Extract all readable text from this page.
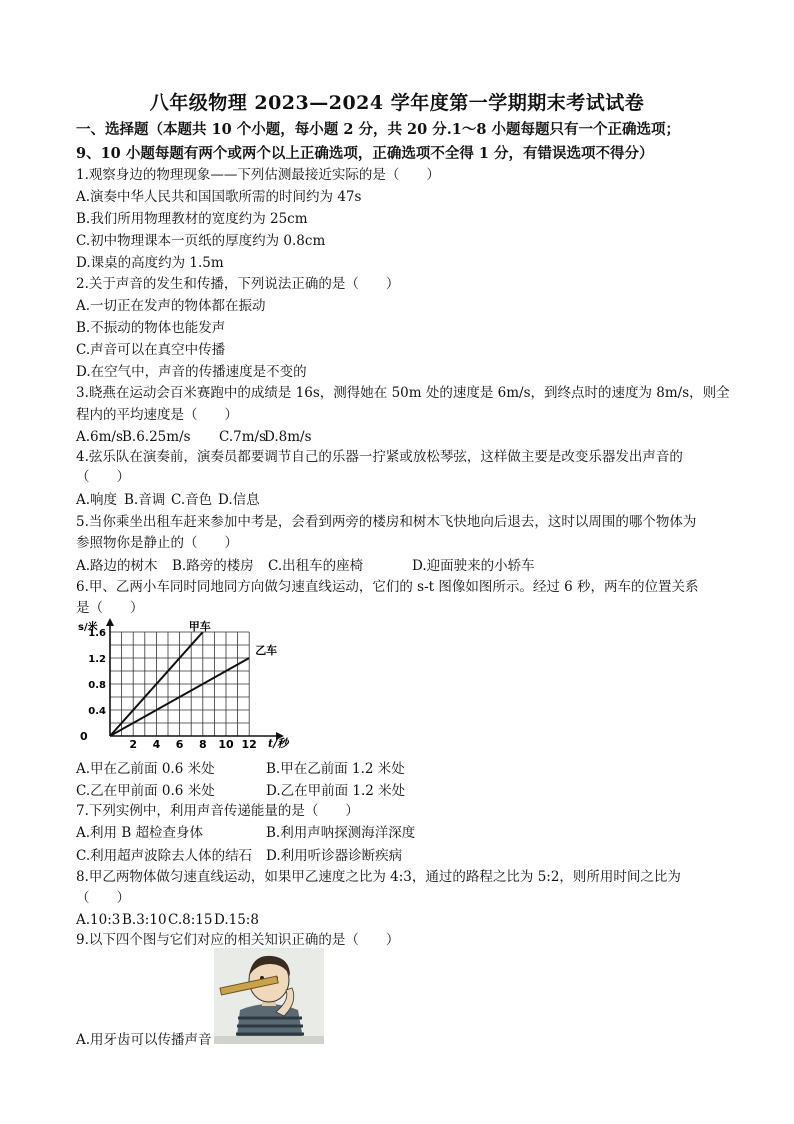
八年级物理 2023—2024 学年度第一学期期末考试试卷
一、选择题（本题共 10 个小题，每小题 2 分，共 20 分.1～8 小题每题只有一个正确选项；
9、10 小题每题有两个或两个以上正确选项，正确选项不全得 1 分，有错误选项不得分）
1.观察身边的物理现象——下列估测最接近实际的是（　　）
A.演奏中华人民共和国国歌所需的时间约为 47s
B.我们所用物理教材的宽度约为 25cm
C.初中物理课本一页纸的厚度约为 0.8cm
D.课桌的高度约为 1.5m
2.关于声音的发生和传播，下列说法正确的是（　　）
A.一切正在发声的物体都在振动
B.不振动的物体也能发声
C.声音可以在真空中传播
D.在空气中，声音的传播速度是不变的
3.晓燕在运动会百米赛跑中的成绩是 16s，测得她在 50m 处的速度是 6m/s，到终点时的速度为 8m/s，则全
程内的平均速度是（　　）
A.6m/s B.6.25m/s C.7m/s
D.8m/s
4.弦乐队在演奏前，演奏员都要调节自己的乐器一拧紧或放松琴弦，这样做主要是改变乐器发出声音的
（　　）
A.响度 B.音调 C.音色 D.信息
5.当你乘坐出租车赶来参加中考是，会看到两旁的楼房和树木飞快地向后退去，这时以周围的哪个物体为
参照物你是静止的（　　）
A.路边的树木 B.路旁的楼房 C.出租车的座椅	D.迎面驶来的小轿车
6.甲、乙两小车同时同地同方向做匀速直线运动，它们的 s-t 图像如图所示。经过 6 秒，两车的位置关系
是（　　）
2 4 6 8 10 12
0.4
0.8
1.2
1.6
甲车
乙车
s/米
t/秒
0
A.甲在乙前面 0.6 米处	B.甲在乙前面 1.2 米处
C.乙在甲前面 0.6 米处	D.乙在甲前面 1.2 米处
7.下列实例中，利用声音传递能量的是（　　）
A.利用 B 超检查身体	B.利用声呐探测海洋深度
C.利用超声波除去人体的结石 D.利用听诊器诊断疾病
8.甲乙两物体做匀速直线运动，如果甲乙速度之比为 4:3，通过的路程之比为 5:2，则所用时间之比为
（　　）
A.10:3 B.3:10 C.8:15 D.15:8
9.以下四个图与它们对应的相关知识正确的是（　　）
A.用牙齿可以传播声音
